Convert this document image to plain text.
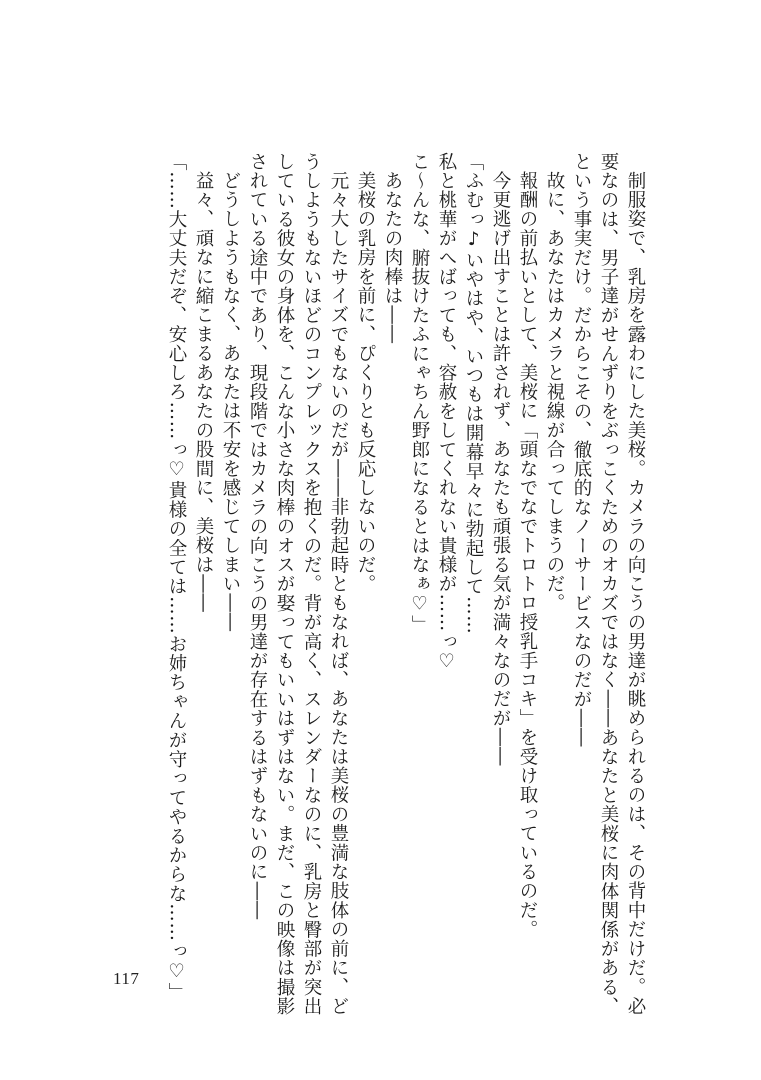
制服姿で、乳房を露わにした美桜。カメラの向こうの男達が眺められるのは、その背中だけだ。必
要なのは、男子達がせんずりをぶっこくためのオカズではなく――あなたと美桜に肉体関係がある、
という事実だけ。だからこその、徹底的なノーサービスなのだが――
故に、あなたはカメラと視線が合ってしまうのだ。
報酬の前払いとして、美桜に「頭なでなでトロトロ授乳手コキ」を受け取っているのだ。
今更逃げ出すことは許されず、あなたも頑張る気が満々なのだが――
「ふむっ♪いやはや、いつもは開幕早々に勃起して……
私と桃華がへばっても、容赦をしてくれない貴様が……っ♡
こ～んな、腑抜けたふにゃちん野郎になるとはなぁ♡」
あなたの肉棒は――
美桜の乳房を前に、ぴくりとも反応しないのだ。
元々大したサイズでもないのだが――非勃起時ともなれば、あなたは美桜の豊満な肢体の前に、ど
うしようもないほどのコンプレックスを抱くのだ。背が高く、スレンダーなのに、乳房と臀部が突出
している彼女の身体を、こんな小さな肉棒のオスが娶ってもいいはずはない。まだ、この映像は撮影
されている途中であり、現段階ではカメラの向こうの男達が存在するはずもないのに――
どうしようもなく、あなたは不安を感じてしまい――
益々、頑なに縮こまるあなたの股間に、美桜は――
「……大丈夫だぞ、安心しろ……っ♡貴様の全ては……お姉ちゃんが守ってやるからな……っ♡」
117
